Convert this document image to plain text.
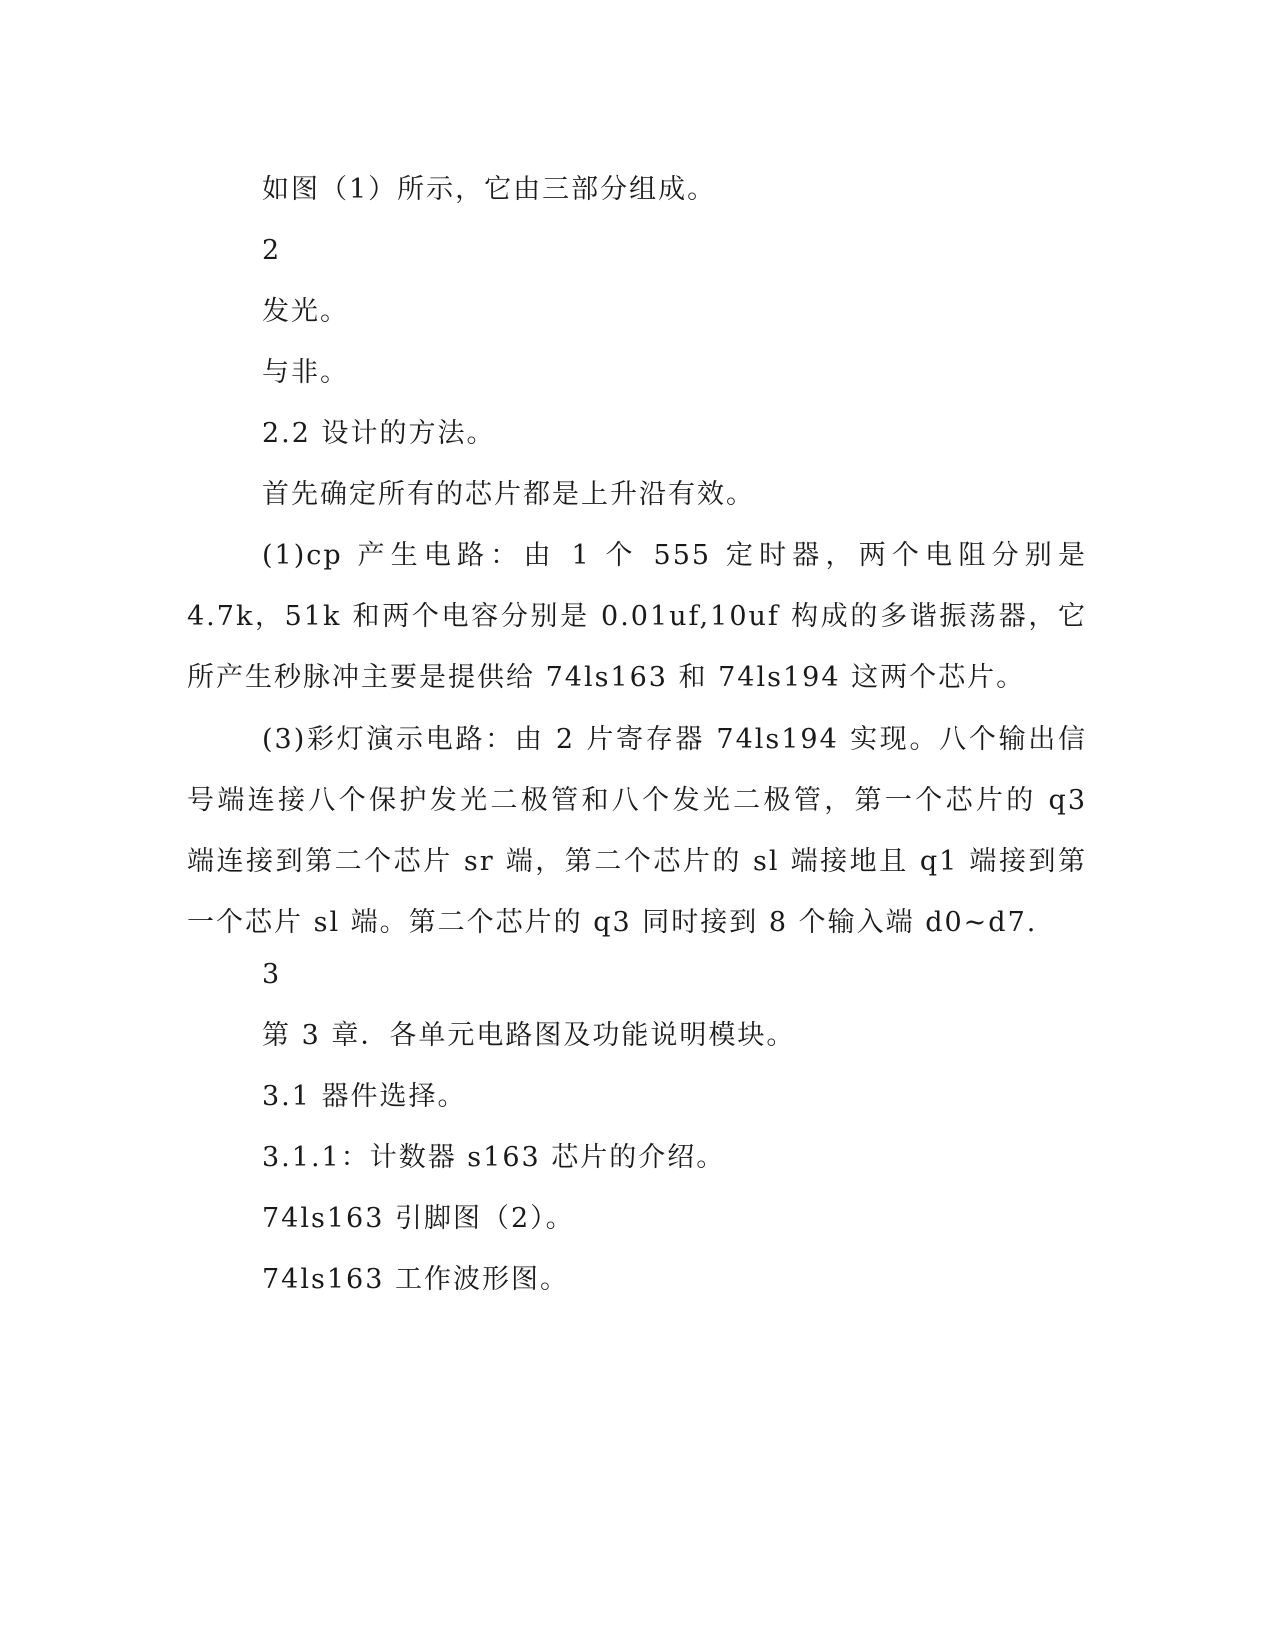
如图（1）所示，它由三部分组成。

2

发光。

与非。

2.2 设计的方法。

首先确定所有的芯片都是上升沿有效。

(1)cp 产生电路：由 1 个 555 定时器，两个电阻分别是 4.7k，51k 和两个电容分别是 0.01uf,10uf 构成的多谐振荡器，它所产生秒脉冲主要是提供给 74ls163 和 74ls194 这两个芯片。

(3)彩灯演示电路：由 2 片寄存器 74ls194 实现。八个输出信号端连接八个保护发光二极管和八个发光二极管，第一个芯片的 q3 端连接到第二个芯片 sr 端，第二个芯片的 sl 端接地且 q1 端接到第一个芯片 sl 端。第二个芯片的 q3 同时接到 8 个输入端 d0~d7.

3

第 3 章．各单元电路图及功能说明模块。

3.1 器件选择。

3.1.1：计数器 s163 芯片的介绍。

74ls163 引脚图（2）。

74ls163 工作波形图。
